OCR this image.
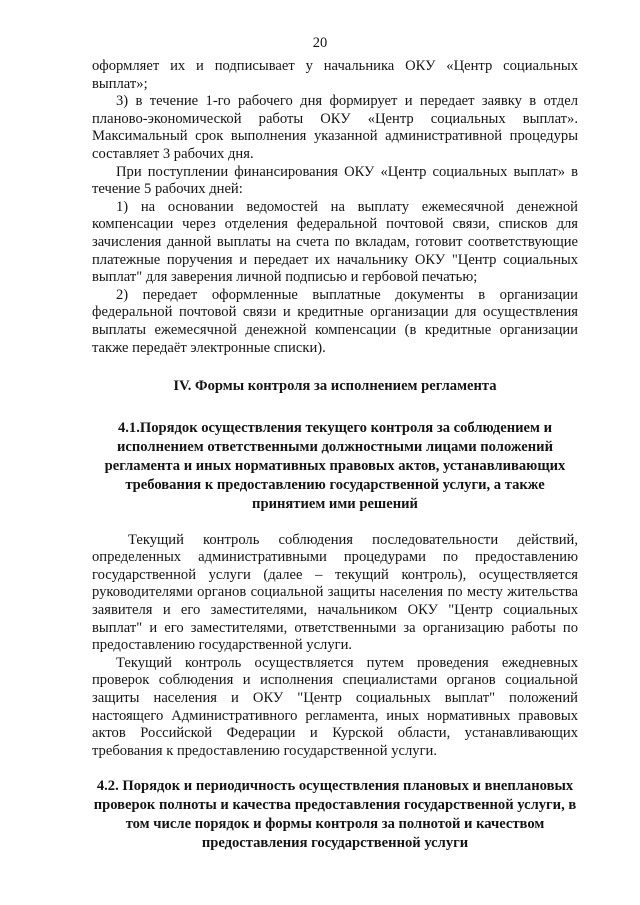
20

оформляет их и подписывает у начальника ОКУ «Центр социальных выплат»;

3) в течение 1-го рабочего дня формирует и передает заявку в отдел планово-экономической работы ОКУ «Центр социальных выплат». Максимальный срок выполнения указанной административной процедуры составляет 3 рабочих дня.

При поступлении финансирования ОКУ «Центр социальных выплат» в течение 5 рабочих дней:

1) на основании ведомостей на выплату ежемесячной денежной компенсации через отделения федеральной почтовой связи, списков для зачисления данной выплаты на счета по вкладам, готовит соответствующие платежные поручения и передает их начальнику ОКУ "Центр социальных выплат" для заверения личной подписью и гербовой печатью;

2) передает оформленные выплатные документы в организации федеральной почтовой связи и кредитные организации для осуществления выплаты ежемесячной денежной компенсации (в кредитные организации также передаёт электронные списки).

IV. Формы контроля за исполнением регламента
4.1.Порядок осуществления текущего контроля за соблюдением и исполнением ответственными должностными лицами положений регламента и иных нормативных правовых актов, устанавливающих требования к предоставлению государственной услуги, а также принятием ими решений

Текущий контроль соблюдения последовательности действий, определенных административными процедурами по предоставлению государственной услуги (далее – текущий контроль), осуществляется руководителями органов социальной защиты населения по месту жительства заявителя и его заместителями, начальником ОКУ "Центр социальных выплат" и его заместителями, ответственными за организацию работы по предоставлению государственной услуги.

Текущий контроль осуществляется путем проведения ежедневных проверок соблюдения и исполнения специалистами органов социальной защиты населения и ОКУ "Центр социальных выплат" положений настоящего Административного регламента, иных нормативных правовых актов Российской Федерации и Курской области, устанавливающих требования к предоставлению государственной услуги.

4.2. Порядок и периодичность осуществления плановых и внеплановых проверок полноты и качества предоставления государственной услуги, в том числе порядок и формы контроля за полнотой и качеством предоставления государственной услуги
